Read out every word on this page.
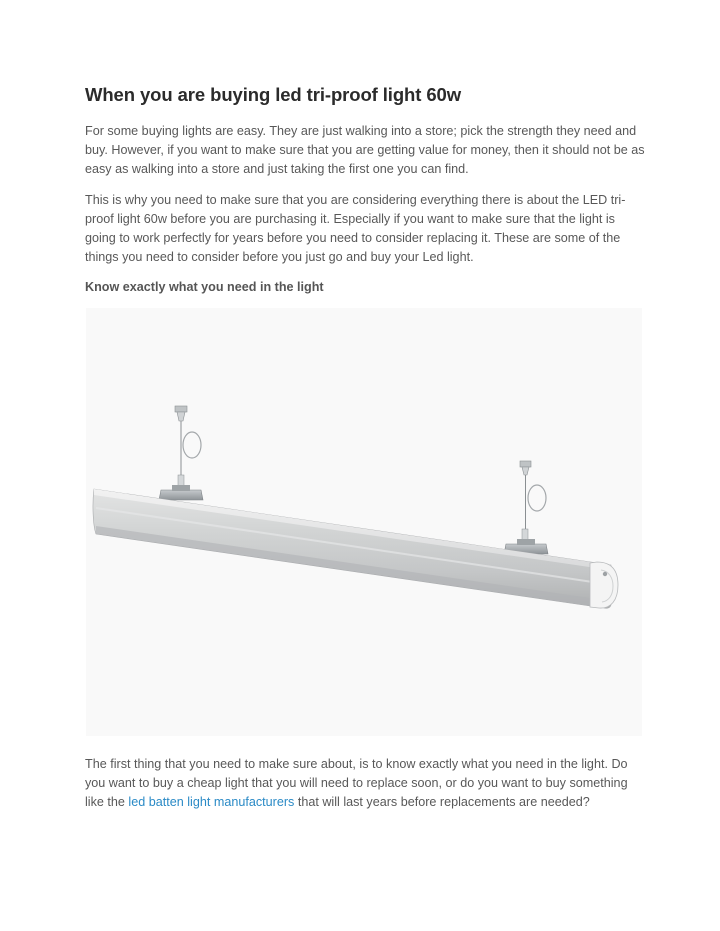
When you are buying led tri-proof light 60w

For some buying lights are easy. They are just walking into a store; pick the strength they need and buy. However, if you want to make sure that you are getting value for money, then it should not be as easy as walking into a store and just taking the first one you can find.

This is why you need to make sure that you are considering everything there is about the LED tri-proof light 60w before you are purchasing it. Especially if you want to make sure that the light is going to work perfectly for years before you need to consider replacing it. These are some of the things you need to consider before you just go and buy your Led light.

Know exactly what you need in the light

The first thing that you need to make sure about, is to know exactly what you need in the light. Do you want to buy a cheap light that you will need to replace soon, or do you want to buy something like the led batten light manufacturers that will last years before replacements are needed?
